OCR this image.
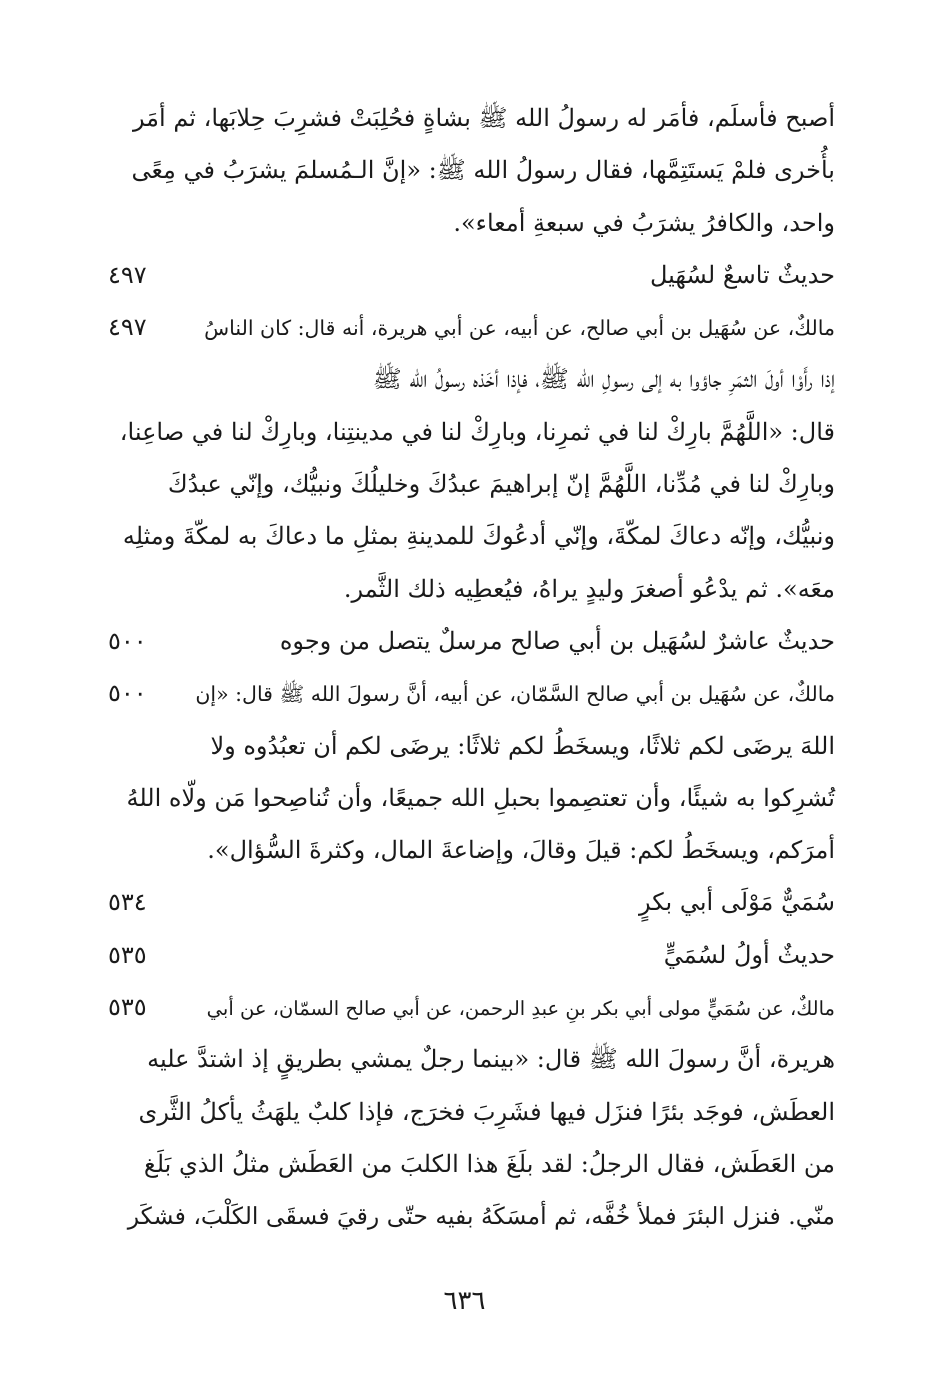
أصبح فأسلَم، فأمَر له رسولُ الله ﷺ بشاةٍ فحُلِبَتْ فشرِبَ حِلابَها، ثم أمَر
بأُخرى فلمْ يَستَتِمَّها، فقال رسولُ الله ﷺ: «إنَّ الـمُسلمَ يشرَبُ في مِعًى
واحد، والكافرُ يشرَبُ في سبعةِ أمعاء».
حديثٌ تاسعٌ لسُهَيل
٤٩٧
مالكٌ، عن سُهَيل بن أبي صالح، عن أبيه، عن أبي هريرة، أنه قال: كان الناسُ
٤٩٧
إذا رأَوْا أولَ الثمَرِ جاؤوا به إلى رسولِ الله ﷺ، فإذا أخَذه رسولُ الله ﷺ
قال: «اللَّهُمَّ بارِكْ لنا في ثمرِنا، وبارِكْ لنا في مدينتِنا، وبارِكْ لنا في صاعِنا،
وبارِكْ لنا في مُدِّنا، اللَّهُمَّ إنّ إبراهيمَ عبدُكَ وخليلُكَ ونبيُّك، وإنّي عبدُكَ
ونبيُّك، وإنّه دعاكَ لمكّةَ، وإنّي أدعُوكَ للمدينةِ بمثلِ ما دعاكَ به لمكّةَ ومثلِه
معَه». ثم يدْعُو أصغرَ وليدٍ يراهُ، فيُعطِيه ذلك الثَّمر.
حديثٌ عاشرٌ لسُهَيل بن أبي صالح مرسلٌ يتصل من وجوه
٥٠٠
مالكٌ، عن سُهَيل بن أبي صالح السَّمّان، عن أبيه، أنَّ رسولَ الله ﷺ قال: «إن
٥٠٠
اللهَ يرضَى لكم ثلاثًا، ويسخَطُ لكم ثلاثًا: يرضَى لكم أن تعبُدُوه ولا
تُشرِكوا به شيئًا، وأن تعتصِموا بحبلِ الله جميعًا، وأن تُناصِحوا مَن ولّاه اللهُ
أمرَكم، ويسخَطُ لكم: قيلَ وقالَ، وإضاعةَ المال، وكثرةَ السُّؤال».
سُمَيٌّ مَوْلَى أبي بكرٍ
٥٣٤
حديثٌ أولُ لسُمَيٍّ
٥٣٥
مالكٌ، عن سُمَيٍّ مولى أبي بكر بنِ عبدِ الرحمن، عن أبي صالح السمّان، عن أبي
٥٣٥
هريرة، أنَّ رسولَ الله ﷺ قال: «بينما رجلٌ يمشي بطريقٍ إذ اشتدَّ عليه
العطَش، فوجَد بئرًا فنزَل فيها فشَرِبَ فخرَج، فإذا كلبٌ يلهَثُ يأكلُ الثَّرى
من العَطَش، فقال الرجلُ: لقد بلَغَ هذا الكلبَ من العَطَش مثلُ الذي بَلَغ
منّي. فنزل البئرَ فملأ خُفَّه، ثم أمسَكَهُ بفيه حتّى رقيَ فسقَى الكَلْبَ، فشكَر
٦٣٦
